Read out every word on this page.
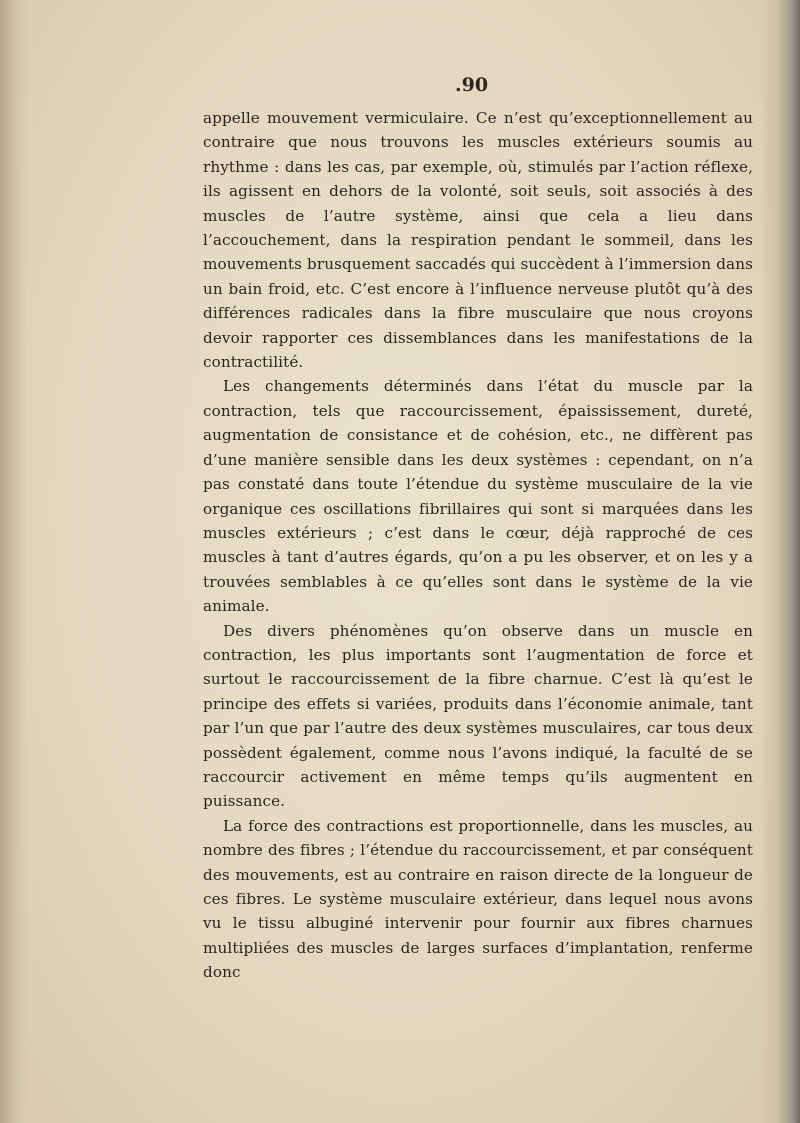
.90

appelle mouvement vermiculaire. Ce n’est qu’exceptionnellement au contraire que nous trouvons les muscles extérieurs soumis au rhythme : dans les cas, par exemple, où, stimulés par l’action réflexe, ils agissent en dehors de la volonté, soit seuls, soit associés à des muscles de l’autre système, ainsi que cela a lieu dans l’accouchement, dans la respiration pendant le sommeil, dans les mouvements brusquement saccadés qui succèdent à l’immersion dans un bain froid, etc. C’est encore à l’influence nerveuse plutôt qu’à des différences radicales dans la fibre musculaire que nous croyons devoir rapporter ces dissemblances dans les manifestations de la contractilité.

Les changements déterminés dans l’état du muscle par la contraction, tels que raccourcissement, épaississement, dureté, augmentation de consistance et de cohésion, etc., ne diffèrent pas d’une manière sensible dans les deux systèmes : cependant, on n’a pas constaté dans toute l’étendue du système musculaire de la vie organique ces oscillations fibrillaires qui sont si marquées dans les muscles extérieurs ; c’est dans le cœur, déjà rapproché de ces muscles à tant d’autres égards, qu’on a pu les observer, et on les y a trouvées semblables à ce qu’elles sont dans le système de la vie animale.

Des divers phénomènes qu’on observe dans un muscle en contraction, les plus importants sont l’augmentation de force et surtout le raccourcissement de la fibre charnue. C’est là qu’est le principe des effets si variées, produits dans l’économie animale, tant par l’un que par l’autre des deux systèmes musculaires, car tous deux possèdent également, comme nous l’avons indiqué, la faculté de se raccourcir activement en même temps qu’ils augmentent en puissance.

La force des contractions est proportionnelle, dans les muscles, au nombre des fibres ; l’étendue du raccourcissement, et par conséquent des mouvements, est au contraire en raison directe de la longueur de ces fibres. Le système musculaire extérieur, dans lequel nous avons vu le tissu albuginé intervenir pour fournir aux fibres charnues multipliées des muscles de larges surfaces d’implantation, renferme donc
